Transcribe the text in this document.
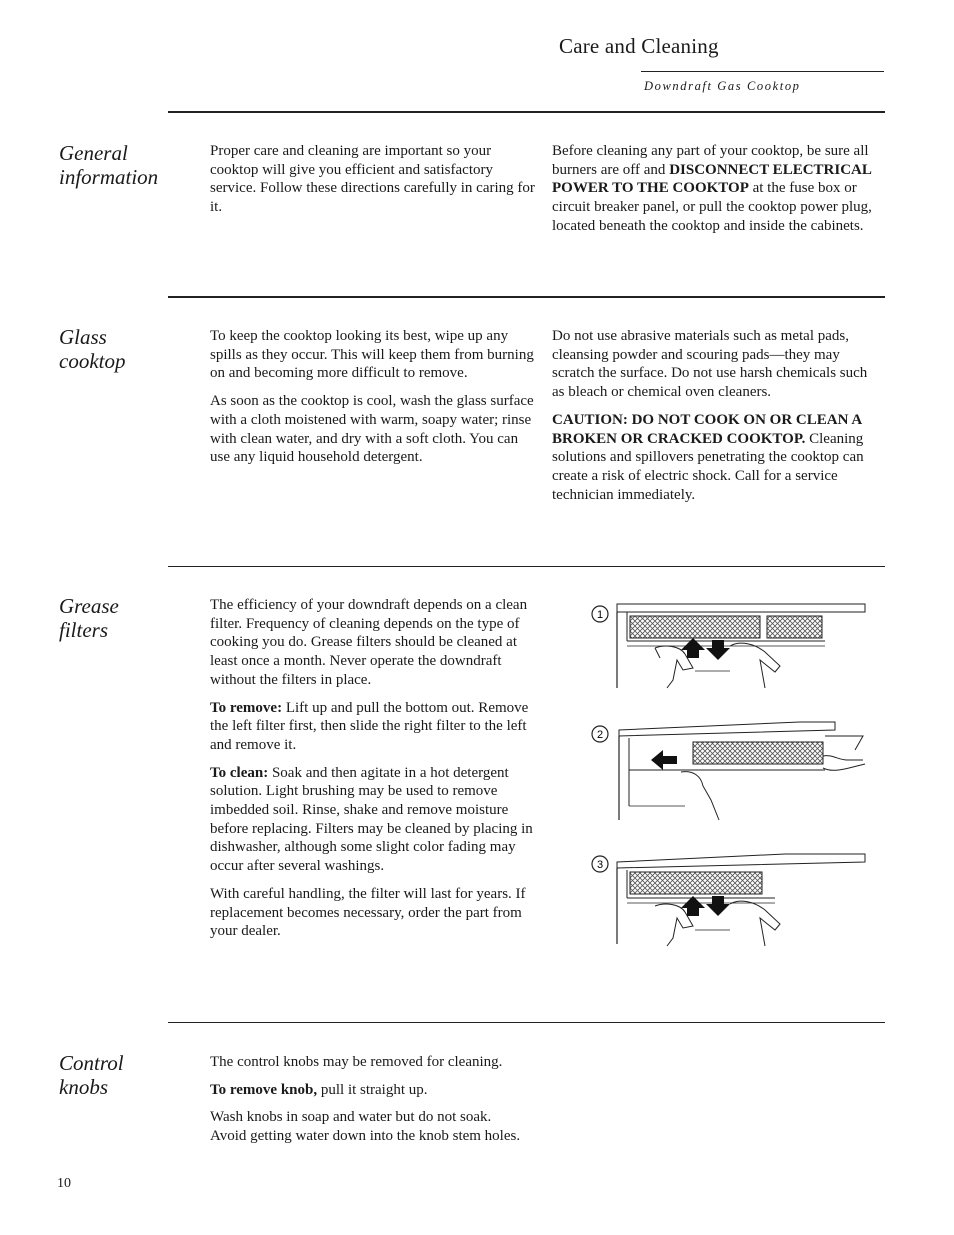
Care and Cleaning
Downdraft Gas Cooktop
General
information

Proper care and cleaning are important so your cooktop will give you efficient and satisfactory service. Follow these directions carefully in caring for it.

Before cleaning any part of your cooktop, be sure all burners are off and DISCONNECT ELECTRICAL POWER TO THE COOKTOP at the fuse box or circuit breaker panel, or pull the cooktop power plug, located beneath the cooktop and inside the cabinets.

Glass
cooktop

To keep the cooktop looking its best, wipe up any spills as they occur. This will keep them from burning on and becoming more difficult to remove.

As soon as the cooktop is cool, wash the glass surface with a cloth moistened with warm, soapy water; rinse with clean water, and dry with a soft cloth. You can use any liquid household detergent.

Do not use abrasive materials such as metal pads, cleansing powder and scouring pads—they may scratch the surface. Do not use harsh chemicals such as bleach or chemical oven cleaners.

CAUTION: DO NOT COOK ON OR CLEAN A BROKEN OR CRACKED COOKTOP. Cleaning solutions and spillovers penetrating the cooktop can create a risk of electric shock. Call for a service technician immediately.

Grease
filters

The efficiency of your downdraft depends on a clean filter. Frequency of cleaning depends on the type of cooking you do. Grease filters should be cleaned at least once a month. Never operate the downdraft without the filters in place.

To remove: Lift up and pull the bottom out. Remove the left filter first, then slide the right filter to the left and remove it.

To clean: Soak and then agitate in a hot detergent solution. Light brushing may be used to remove imbedded soil. Rinse, shake and remove moisture before replacing. Filters may be cleaned by placing in dishwasher, although some slight color fading may occur after several washings.

With careful handling, the filter will last for years. If replacement becomes necessary, order the part from your dealer.

1
2
3
Control
knobs

The control knobs may be removed for cleaning.

To remove knob, pull it straight up.

Wash knobs in soap and water but do not soak. Avoid getting water down into the knob stem holes.

10
